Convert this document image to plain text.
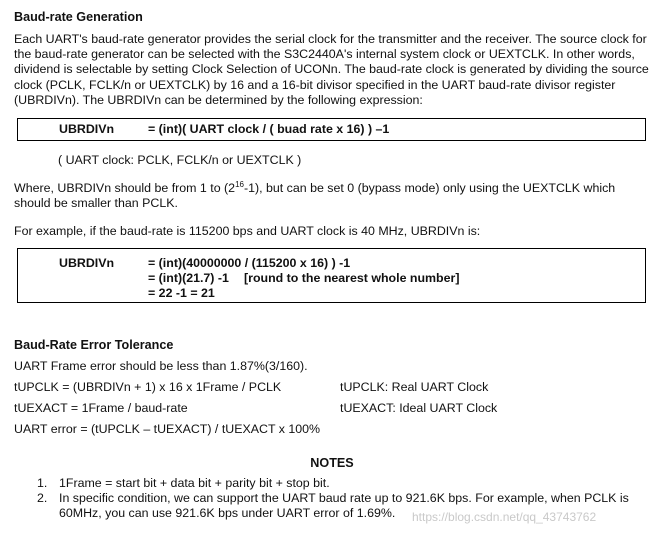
Baud-rate Generation
Each UART's baud-rate generator provides the serial clock for the transmitter and the receiver. The source clock for the baud-rate generator can be selected with the S3C2440A's internal system clock or UEXTCLK. In other words, dividend is selectable by setting Clock Selection of UCONn. The baud-rate clock is generated by dividing the source clock (PCLK, FCLK/n or UEXTCLK) by 16 and a 16-bit divisor specified in the UART baud-rate divisor register (UBRDIVn). The UBRDIVn can be determined by the following expression:
UBRDIVn	= (int)( UART clock / ( buad rate x 16) ) –1
( UART clock: PCLK, FCLK/n or UEXTCLK )
Where, UBRDIVn should be from 1 to $(2^{16}-1)$, but can be set 0 (bypass mode) only using the UEXTCLK which should be smaller than PCLK.
For example, if the baud-rate is 115200 bps and UART clock is 40 MHz, UBRDIVn is:
UBRDIVn	= (int)(40000000 / (115200 x 16) ) -1
= (int)(21.7) -1 [round to the nearest whole number]
= 22 -1 = 21
Baud-Rate Error Tolerance
UART Frame error should be less than 1.87%(3/160).
tUPCLK = (UBRDIVn + 1) x 16 x 1Frame / PCLK	tUPCLK: Real UART Clock
tUEXACT = 1Frame / baud-rate	tUEXACT: Ideal UART Clock
UART error = (tUPCLK – tUEXACT) / tUEXACT x 100%
NOTES
1. 1Frame = start bit + data bit + parity bit + stop bit.
2. In specific condition, we can support the UART baud rate up to 921.6K bps. For example, when PCLK is 60MHz, you can use 921.6K bps under UART error of 1.69%.	https://blog.csdn.net/qq_43743762
